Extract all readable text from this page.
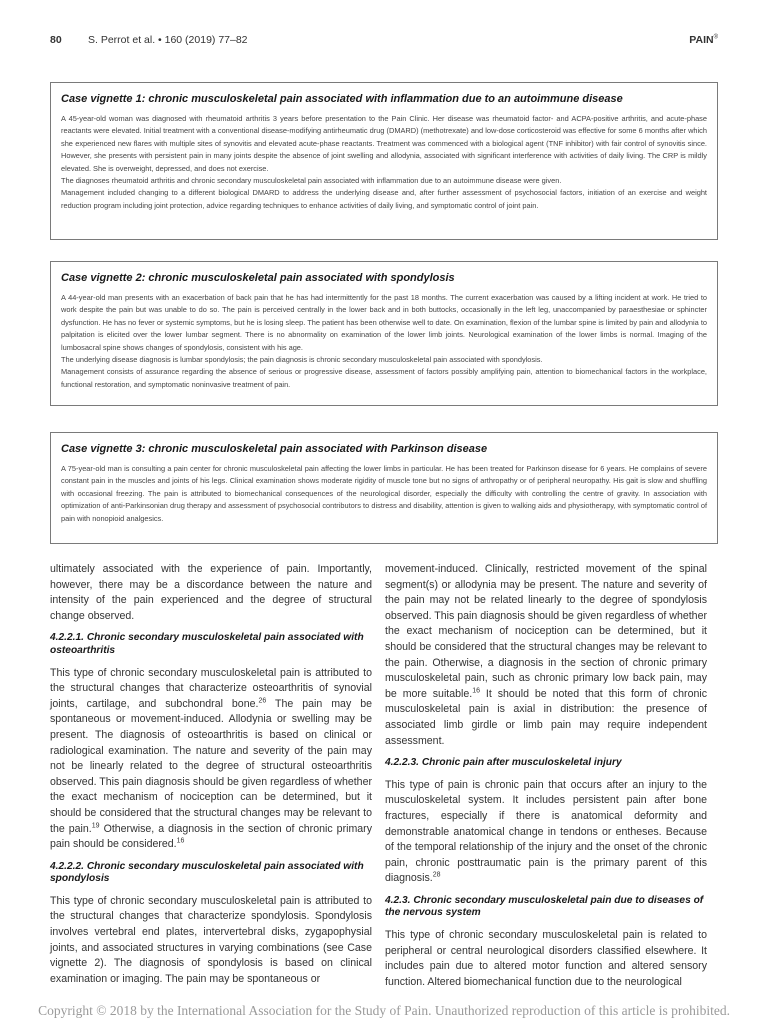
80	S. Perrot et al. • 160 (2019) 77–82	PAIN®
Case vignette 1: chronic musculoskeletal pain associated with inflammation due to an autoimmune disease

A 45-year-old woman was diagnosed with rheumatoid arthritis 3 years before presentation to the Pain Clinic. Her disease was rheumatoid factor- and ACPA-positive arthritis, and acute-phase reactants were elevated. Initial treatment with a conventional disease-modifying antirheumatic drug (DMARD) (methotrexate) and low-dose corticosteroid was effective for some 6 months after which she experienced new flares with multiple sites of synovitis and elevated acute-phase reactants. Treatment was commenced with a biological agent (TNF inhibitor) with fair control of synovitis since. However, she presents with persistent pain in many joints despite the absence of joint swelling and allodynia, associated with significant interference with activities of daily living. The CRP is mildly elevated. She is overweight, depressed, and does not exercise.

The diagnoses rheumatoid arthritis and chronic secondary musculoskeletal pain associated with inflammation due to an autoimmune disease were given.

Management included changing to a different biological DMARD to address the underlying disease and, after further assessment of psychosocial factors, initiation of an exercise and weight reduction program including joint protection, advice regarding techniques to enhance activities of daily living, and symptomatic control of joint pain.

Case vignette 2: chronic musculoskeletal pain associated with spondylosis

A 44-year-old man presents with an exacerbation of back pain that he has had intermittently for the past 18 months. The current exacerbation was caused by a lifting incident at work. He tried to work despite the pain but was unable to do so. The pain is perceived centrally in the lower back and in both buttocks, occasionally in the left leg, unaccompanied by paraesthesiae or sphincter dysfunction. He has no fever or systemic symptoms, but he is losing sleep. The patient has been otherwise well to date. On examination, flexion of the lumbar spine is limited by pain and allodynia to palpitation is elicited over the lower lumbar segment. There is no abnormality on examination of the lower limb joints. Neurological examination of the lower limbs is normal. Imaging of the lumbosacral spine shows changes of spondylosis, consistent with his age.

The underlying disease diagnosis is lumbar spondylosis; the pain diagnosis is chronic secondary musculoskeletal pain associated with spondylosis.

Management consists of assurance regarding the absence of serious or progressive disease, assessment of factors possibly amplifying pain, attention to biomechanical factors in the workplace, functional restoration, and symptomatic noninvasive treatment of pain.

Case vignette 3: chronic musculoskeletal pain associated with Parkinson disease

A 75-year-old man is consulting a pain center for chronic musculoskeletal pain affecting the lower limbs in particular. He has been treated for Parkinson disease for 6 years. He complains of severe constant pain in the muscles and joints of his legs. Clinical examination shows moderate rigidity of muscle tone but no signs of arthropathy or of peripheral neuropathy. His gait is slow and shuffling with occasional freezing. The pain is attributed to biomechanical consequences of the neurological disorder, especially the difficulty with controlling the centre of gravity. In association with optimization of anti-Parkinsonian drug therapy and assessment of psychosocial contributors to distress and disability, attention is given to walking aids and physiotherapy, with symptomatic control of pain with nonopioid analgesics.

ultimately associated with the experience of pain. Importantly, however, there may be a discordance between the nature and intensity of the pain experienced and the degree of structural change observed.

4.2.2.1. Chronic secondary musculoskeletal pain associated with osteoarthritis

This type of chronic secondary musculoskeletal pain is attributed to the structural changes that characterize osteoarthritis of synovial joints, cartilage, and subchondral bone.$^{26}$ The pain may be spontaneous or movement-induced. Allodynia or swelling may be present. The diagnosis of osteoarthritis is based on clinical or radiological examination. The nature and severity of the pain may not be linearly related to the degree of structural osteoarthritis observed. This pain diagnosis should be given regardless of whether the exact mechanism of nociception can be determined, but it should be considered that the structural changes may be relevant to the pain.$^{19}$ Otherwise, a diagnosis in the section of chronic primary pain should be considered.$^{16}$

4.2.2.2. Chronic secondary musculoskeletal pain associated with spondylosis

This type of chronic secondary musculoskeletal pain is attributed to the structural changes that characterize spondylosis. Spondylosis involves vertebral end plates, intervertebral disks, zygapophysial joints, and associated structures in varying combinations (see Case vignette 2). The diagnosis of spondylosis is based on clinical examination or imaging. The pain may be spontaneous or

movement-induced. Clinically, restricted movement of the spinal segment(s) or allodynia may be present. The nature and severity of the pain may not be related linearly to the degree of spondylosis observed. This pain diagnosis should be given regardless of whether the exact mechanism of nociception can be determined, but it should be considered that the structural changes may be relevant to the pain. Otherwise, a diagnosis in the section of chronic primary musculoskeletal pain, such as chronic primary low back pain, may be more suitable.$^{16}$ It should be noted that this form of chronic musculoskeletal pain is axial in distribution: the presence of associated limb girdle or limb pain may require independent assessment.

4.2.2.3. Chronic pain after musculoskeletal injury

This type of pain is chronic pain that occurs after an injury to the musculoskeletal system. It includes persistent pain after bone fractures, especially if there is anatomical deformity and demonstrable anatomical change in tendons or entheses. Because of the temporal relationship of the injury and the onset of the chronic pain, chronic posttraumatic pain is the primary parent of this diagnosis.$^{28}$

4.2.3. Chronic secondary musculoskeletal pain due to diseases of the nervous system

This type of chronic secondary musculoskeletal pain is related to peripheral or central neurological disorders classified elsewhere. It includes pain due to altered motor function and altered sensory function. Altered biomechanical function due to the neurological

Copyright © 2018 by the International Association for the Study of Pain. Unauthorized reproduction of this article is prohibited.
